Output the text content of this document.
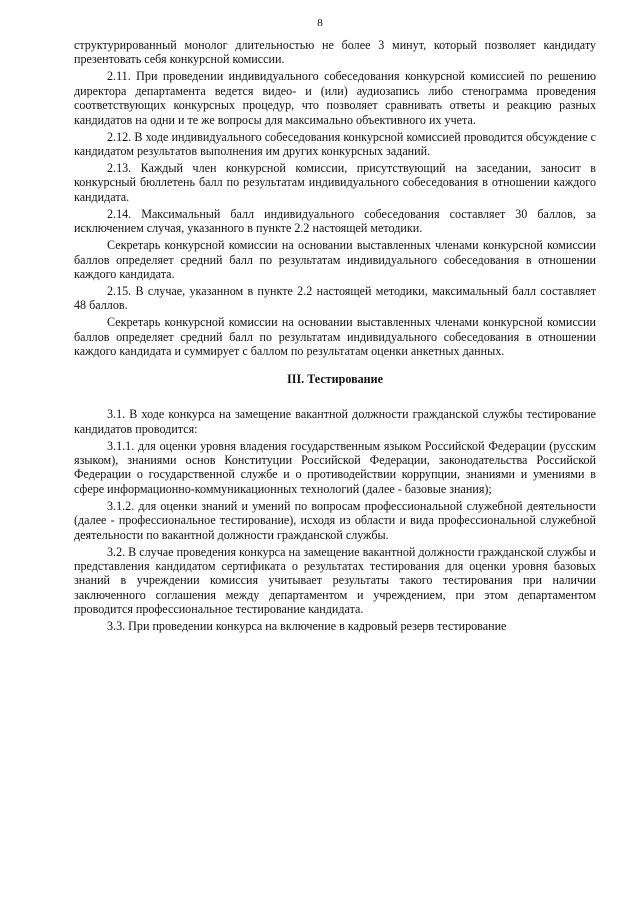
8

структурированный монолог длительностью не более 3 минут, который позволяет кандидату презентовать себя конкурсной комиссии.

2.11. При проведении индивидуального собеседования конкурсной комиссией по решению директора департамента ведется видео- и (или) аудиозапись либо стенограмма проведения соответствующих конкурсных процедур, что позволяет сравнивать ответы и реакцию разных кандидатов на одни и те же вопросы для максимально объективного их учета.

2.12. В ходе индивидуального собеседования конкурсной комиссией проводится обсуждение с кандидатом результатов выполнения им других конкурсных заданий.

2.13. Каждый член конкурсной комиссии, присутствующий на заседании, заносит в конкурсный бюллетень балл по результатам индивидуального собеседования в отношении каждого кандидата.

2.14. Максимальный балл индивидуального собеседования составляет 30 баллов, за исключением случая, указанного в пункте 2.2 настоящей методики.

Секретарь конкурсной комиссии на основании выставленных членами конкурсной комиссии баллов определяет средний балл по результатам индивидуального собеседования в отношении каждого кандидата.

2.15. В случае, указанном в пункте 2.2 настоящей методики, максимальный балл составляет 48 баллов.

Секретарь конкурсной комиссии на основании выставленных членами конкурсной комиссии баллов определяет средний балл по результатам индивидуального собеседования в отношении каждого кандидата и суммирует с баллом по результатам оценки анкетных данных.

III. Тестирование

3.1. В ходе конкурса на замещение вакантной должности гражданской службы тестирование кандидатов проводится:

3.1.1. для оценки уровня владения государственным языком Российской Федерации (русским языком), знаниями основ Конституции Российской Федерации, законодательства Российской Федерации о государственной службе и о противодействии коррупции, знаниями и умениями в сфере информационно-коммуникационных технологий (далее - базовые знания);

3.1.2. для оценки знаний и умений по вопросам профессиональной служебной деятельности (далее - профессиональное тестирование), исходя из области и вида профессиональной служебной деятельности по вакантной должности гражданской службы.

3.2. В случае проведения конкурса на замещение вакантной должности гражданской службы и представления кандидатом сертификата о результатах тестирования для оценки уровня базовых знаний в учреждении комиссия учитывает результаты такого тестирования при наличии заключенного соглашения между департаментом и учреждением, при этом департаментом проводится профессиональное тестирование кандидата.

3.3. При проведении конкурса на включение в кадровый резерв тестирование
